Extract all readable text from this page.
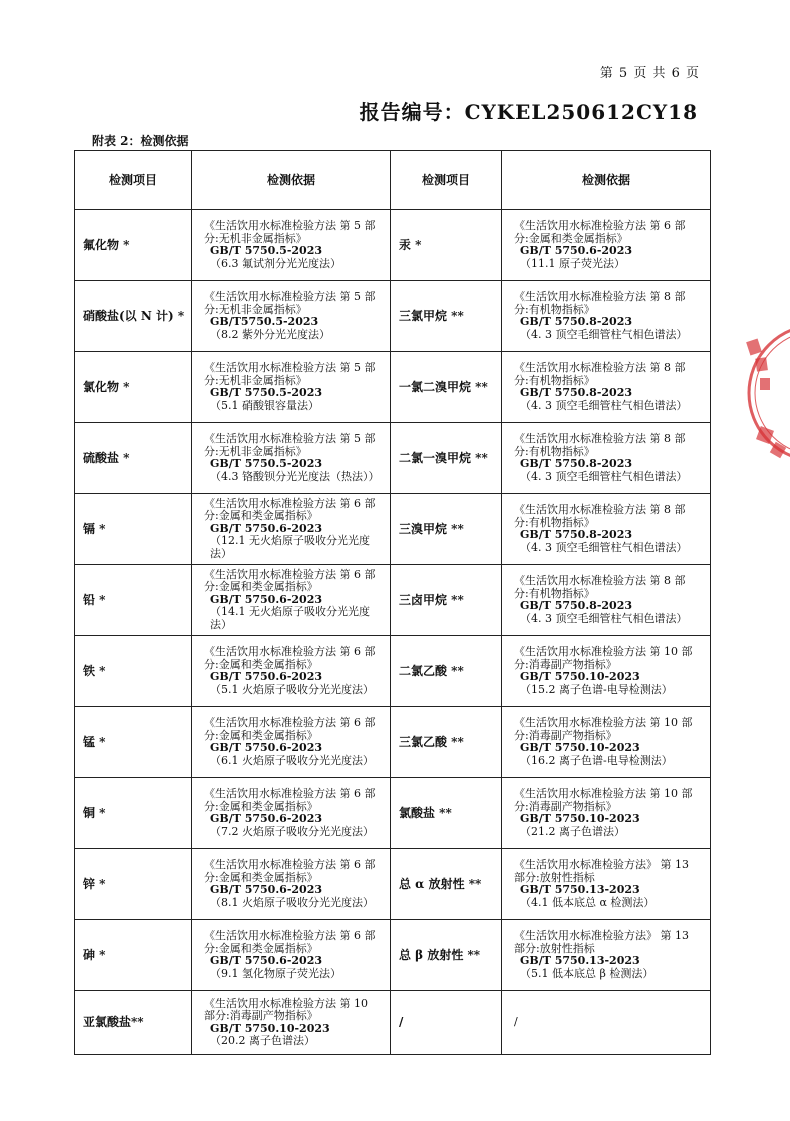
第 5 页 共 6 页
报告编号：CYKEL250612CY18
附表 2：检测依据
检测项目	检测依据	检测项目	检测依据
氟化物 *	《生活饮用水标准检验方法 第 5 部
分:无机非金属指标》
GB/T 5750.5-2023
（6.3 氟试剂分光光度法）	汞 *	《生活饮用水标准检验方法 第 6 部
分:金属和类金属指标》
GB/T 5750.6-2023
（11.1 原子荧光法）

硝酸盐(以 N 计) *	《生活饮用水标准检验方法 第 5 部
分:无机非金属指标》
GB/T5750.5-2023
（8.2 紫外分光光度法）	三氯甲烷 **	《生活饮用水标准检验方法 第 8 部
分:有机物指标》
GB/T 5750.8-2023
（4. 3 顶空毛细管柱气相色谱法）

氯化物 *	《生活饮用水标准检验方法 第 5 部
分:无机非金属指标》
GB/T 5750.5-2023
（5.1 硝酸银容量法）	一氯二溴甲烷 **	《生活饮用水标准检验方法 第 8 部
分:有机物指标》
GB/T 5750.8-2023
（4. 3 顶空毛细管柱气相色谱法）

硫酸盐 *	《生活饮用水标准检验方法 第 5 部
分:无机非金属指标》
GB/T 5750.5-2023
（4.3 铬酸钡分光光度法（热法））	二氯一溴甲烷 **	《生活饮用水标准检验方法 第 8 部
分:有机物指标》
GB/T 5750.8-2023
（4. 3 顶空毛细管柱气相色谱法）

镉 *	《生活饮用水标准检验方法 第 6 部
分:金属和类金属指标》
GB/T 5750.6-2023
（12.1 无火焰原子吸收分光光度
法）	三溴甲烷 **	《生活饮用水标准检验方法 第 8 部
分:有机物指标》
GB/T 5750.8-2023
（4. 3 顶空毛细管柱气相色谱法）

铅 *	《生活饮用水标准检验方法 第 6 部
分:金属和类金属指标》
GB/T 5750.6-2023
（14.1 无火焰原子吸收分光光度
法）	三卤甲烷 **	《生活饮用水标准检验方法 第 8 部
分:有机物指标》
GB/T 5750.8-2023
（4. 3 顶空毛细管柱气相色谱法）

铁 *	《生活饮用水标准检验方法 第 6 部
分:金属和类金属指标》
GB/T 5750.6-2023
（5.1 火焰原子吸收分光光度法）	二氯乙酸 **	《生活饮用水标准检验方法 第 10 部
分:消毒副产物指标》
GB/T 5750.10-2023
（15.2 离子色谱-电导检测法）

锰 *	《生活饮用水标准检验方法 第 6 部
分:金属和类金属指标》
GB/T 5750.6-2023
（6.1 火焰原子吸收分光光度法）	三氯乙酸 **	《生活饮用水标准检验方法 第 10 部
分:消毒副产物指标》
GB/T 5750.10-2023
（16.2 离子色谱-电导检测法）

铜 *	《生活饮用水标准检验方法 第 6 部
分:金属和类金属指标》
GB/T 5750.6-2023
（7.2 火焰原子吸收分光光度法）	氯酸盐 **	《生活饮用水标准检验方法 第 10 部
分:消毒副产物指标》
GB/T 5750.10-2023
（21.2 离子色谱法）

锌 *	《生活饮用水标准检验方法 第 6 部
分:金属和类金属指标》
GB/T 5750.6-2023
（8.1 火焰原子吸收分光光度法）	总 α 放射性 **	《生活饮用水标准检验方法》 第 13
部分:放射性指标
GB/T 5750.13-2023
（4.1 低本底总 α 检测法）

砷 *	《生活饮用水标准检验方法 第 6 部
分:金属和类金属指标》
GB/T 5750.6-2023
（9.1 氢化物原子荧光法）	总 β 放射性 **	《生活饮用水标准检验方法》 第 13
部分:放射性指标
GB/T 5750.13-2023
（5.1 低本底总 β 检测法）

亚氯酸盐**	《生活饮用水标准检验方法 第 10
部分:消毒副产物指标》
GB/T 5750.10-2023
（20.2 离子色谱法）	/	/
